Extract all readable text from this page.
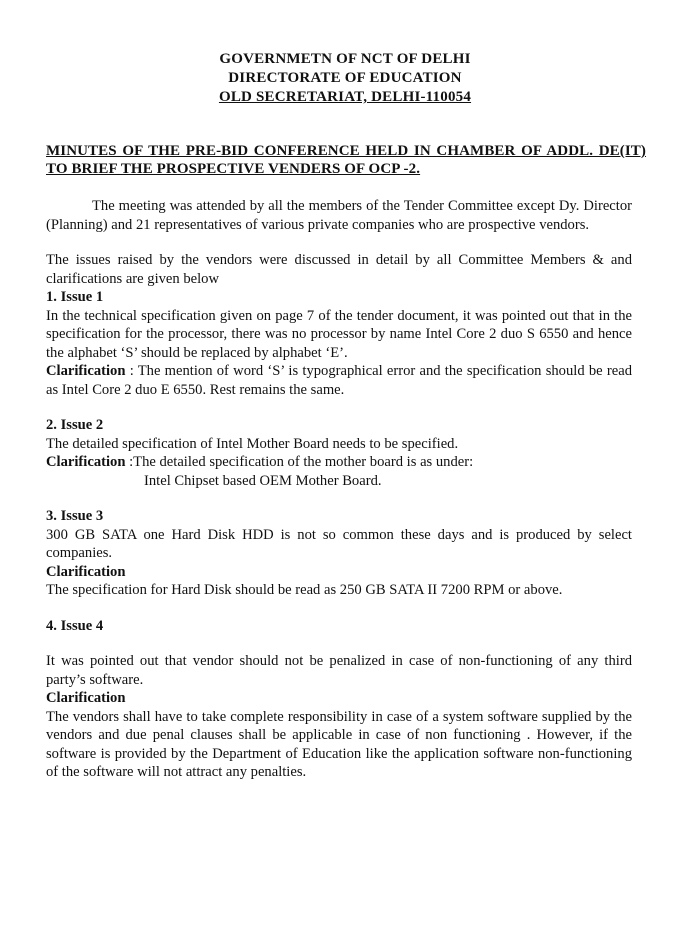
GOVERNMETN OF NCT OF DELHI
DIRECTORATE OF EDUCATION
OLD SECRETARIAT, DELHI-110054
MINUTES OF THE PRE-BID CONFERENCE HELD IN CHAMBER OF ADDL. DE(IT) TO BRIEF THE PROSPECTIVE VENDERS OF OCP -2.

The meeting was attended by all the members of the Tender Committee except Dy. Director (Planning) and 21 representatives of various private companies who are prospective vendors.

The issues raised by the vendors were discussed in detail by all Committee Members & and clarifications are given below

1. Issue 1

In the technical specification given on page 7 of the tender document, it was pointed out that in the specification for the processor, there was no processor by name Intel Core 2 duo S 6550 and hence the alphabet ‘S’ should be replaced by alphabet ‘E’.

Clarification : The mention of word ‘S’ is typographical error and the specification should be read as Intel Core 2 duo E 6550. Rest remains the same.

2. Issue 2

The detailed specification of Intel Mother Board needs to be specified.

Clarification :The detailed specification of the mother board is as under:

Intel Chipset based OEM Mother Board.

3. Issue 3

300 GB SATA one Hard Disk HDD is not so common these days and is produced by select companies.

Clarification

The specification for Hard Disk should be read as 250 GB SATA II 7200 RPM or above.

4. Issue 4

It was pointed out that vendor should not be penalized in case of non-functioning of any third party’s software.

Clarification

The vendors shall have to take complete responsibility in case of a system software supplied by the vendors and due penal clauses shall be applicable in case of non functioning . However, if the software is provided by the Department of Education like the application software non-functioning of the software will not attract any penalties.
